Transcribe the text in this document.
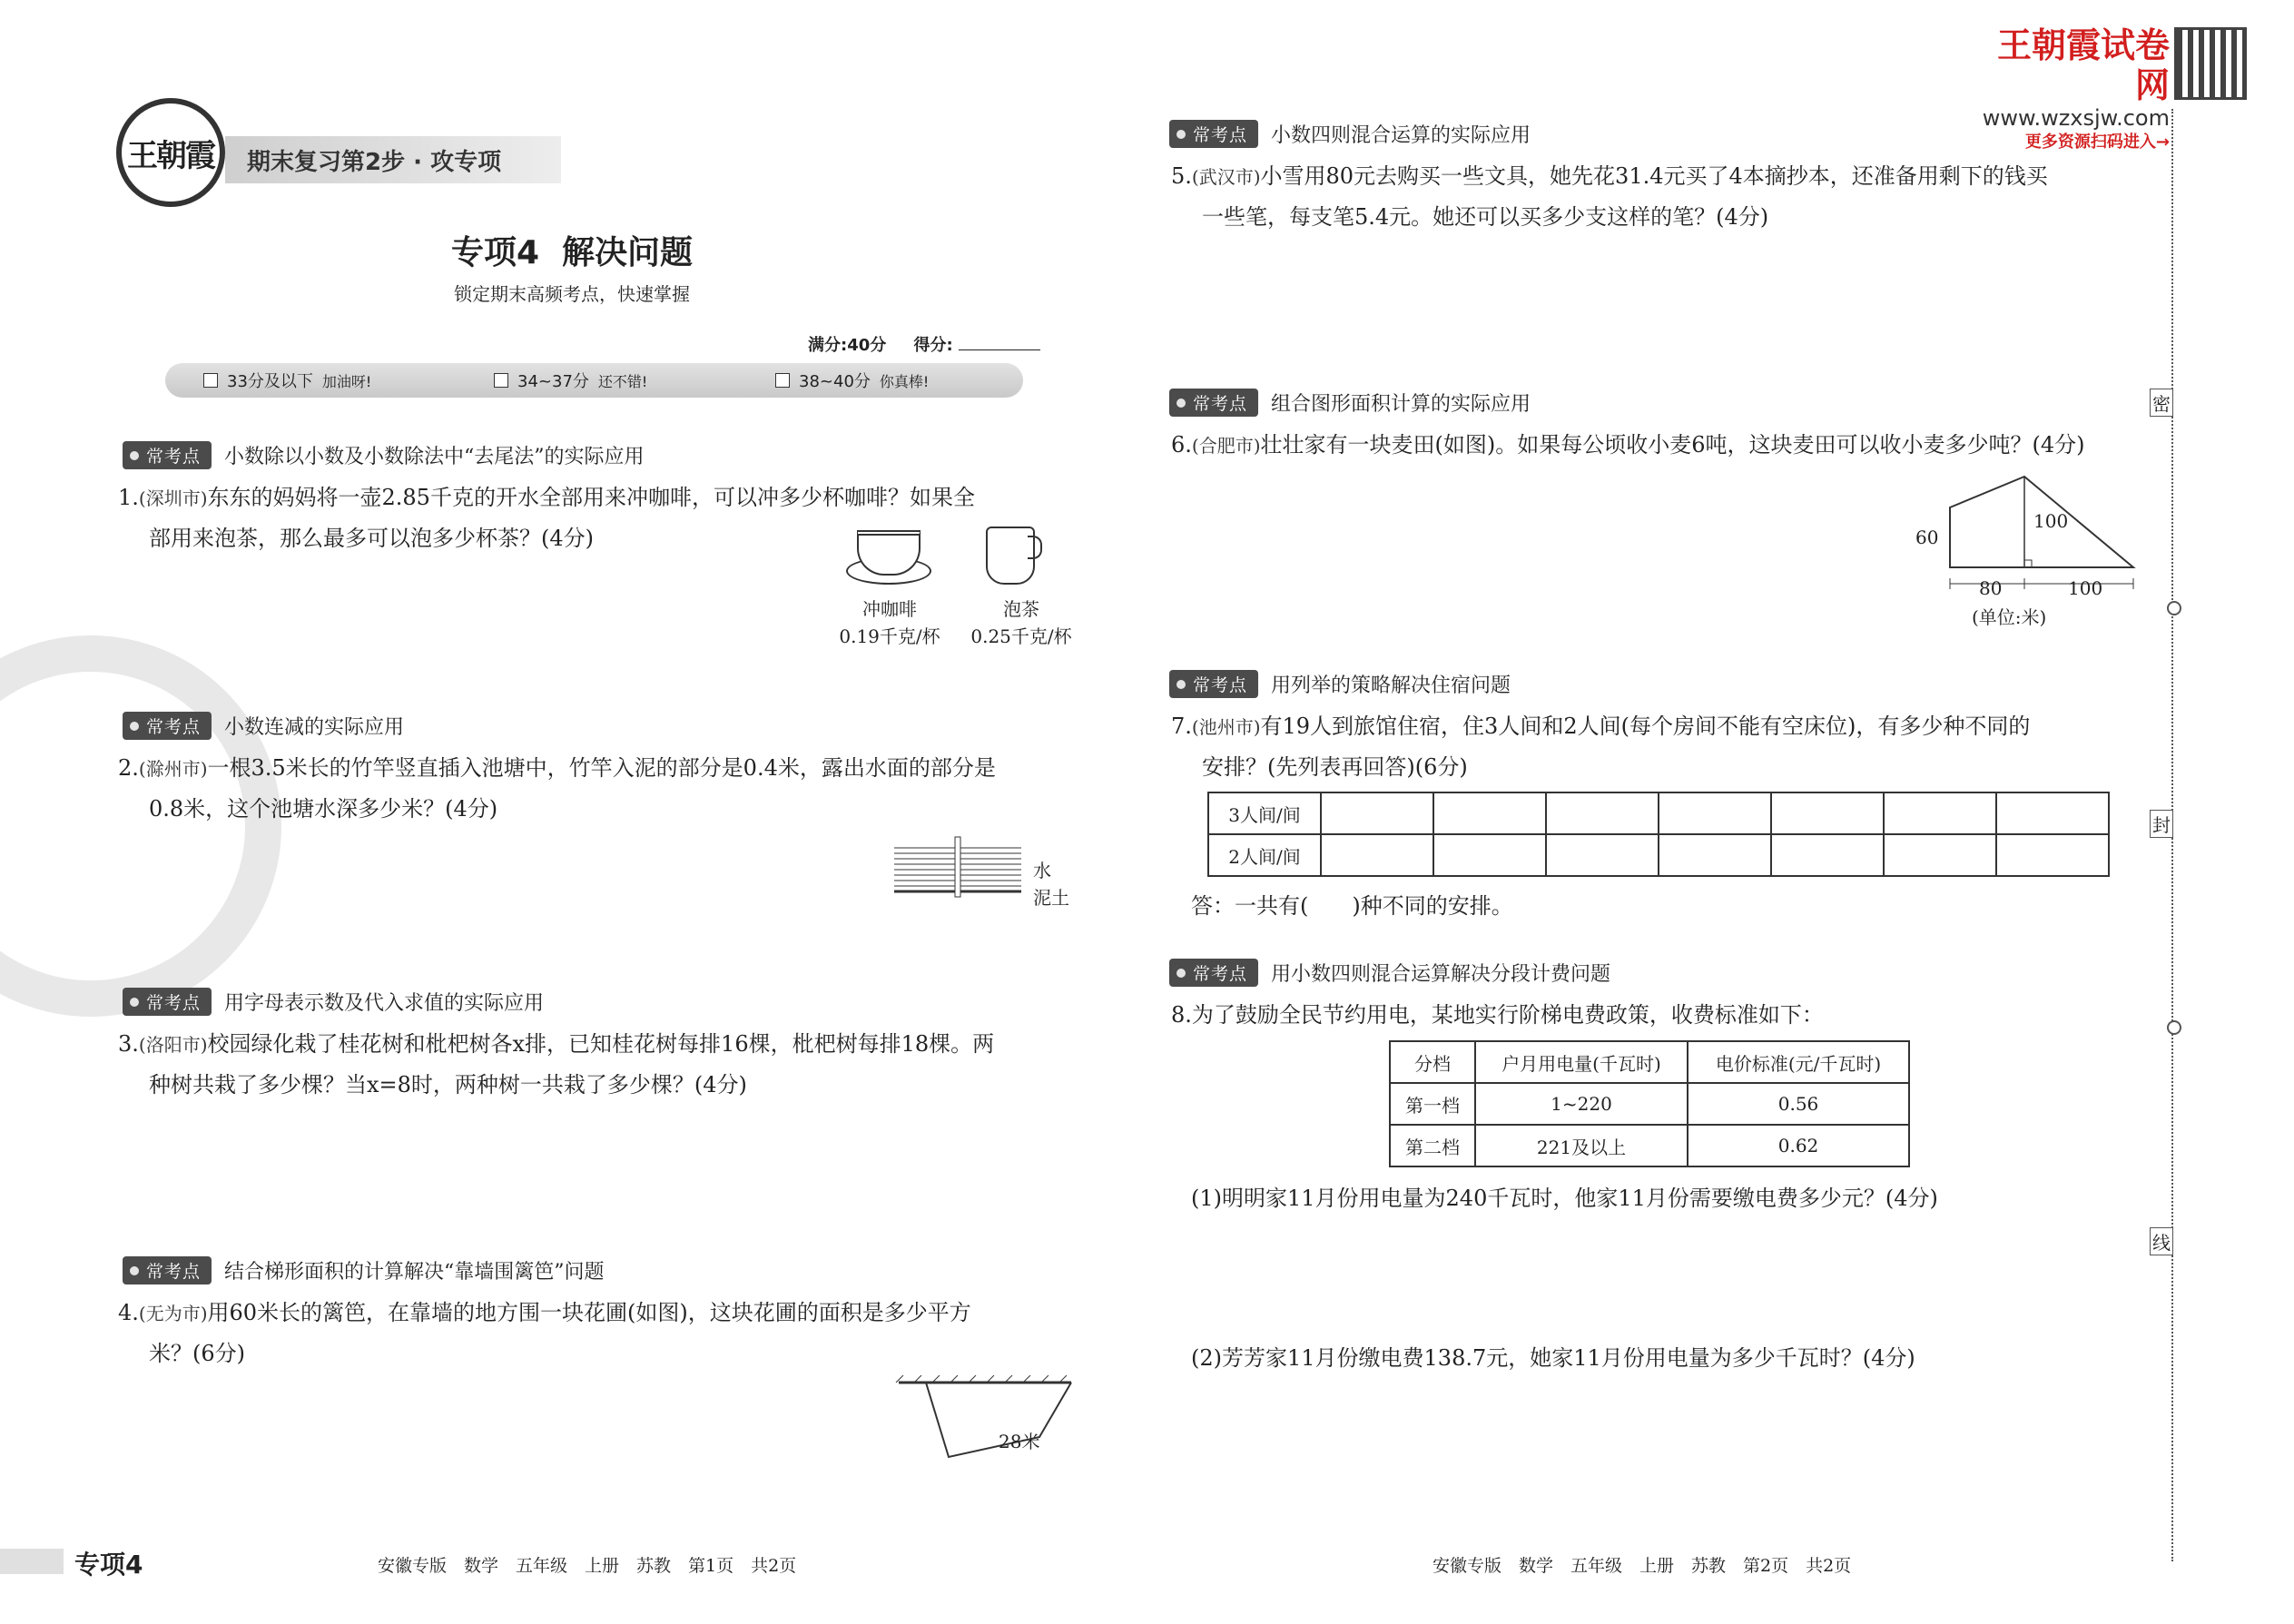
王朝霞试卷网
www.wzxsjw.com
更多资源扫码进入→
王朝霞 期末复习第2步 · 攻专项
专项4  解决问题
锁定期末高频考点，快速掌握
满分:40分 得分:
33分及以下 加油呀!	34~37分 还不错!	38~40分 你真棒!
常考点	小数除以小数及小数除法中“去尾法”的实际应用
1.(深圳市)东东的妈妈将一壶2.85千克的开水全部用来冲咖啡，可以冲多少杯咖啡？如果全
部用来泡茶，那么最多可以泡多少杯茶？(4分)
冲咖啡
0.19千克/杯
泡茶
0.25千克/杯
常考点	小数连减的实际应用
2.(滁州市)一根3.5米长的竹竿竖直插入池塘中，竹竿入泥的部分是0.4米，露出水面的部分是
0.8米，这个池塘水深多少米？(4分)
水
泥土
常考点	用字母表示数及代入求值的实际应用
3.(洛阳市)校园绿化栽了桂花树和枇杷树各x排，已知桂花树每排16棵，枇杷树每排18棵。两
种树共栽了多少棵？当x=8时，两种树一共栽了多少棵？(4分)
常考点	结合梯形面积的计算解决“靠墙围篱笆”问题
4.(无为市)用60米长的篱笆，在靠墙的地方围一块花圃(如图)，这块花圃的面积是多少平方
米？(6分)
28米
常考点	小数四则混合运算的实际应用
5.(武汉市)小雪用80元去购买一些文具，她先花31.4元买了4本摘抄本，还准备用剩下的钱买
一些笔，每支笔5.4元。她还可以买多少支这样的笔？(4分)
常考点	组合图形面积计算的实际应用
6.(合肥市)壮壮家有一块麦田(如图)。如果每公顷收小麦6吨，这块麦田可以收小麦多少吨？(4分)
60
100
80	100
(单位:米)
常考点	用列举的策略解决住宿问题
7.(池州市)有19人到旅馆住宿，住3人间和2人间(每个房间不能有空床位)，有多少种不同的
安排？(先列表再回答)(6分)
3人间/间							
2人间/间							
答：一共有(　　)种不同的安排。
常考点	用小数四则混合运算解决分段计费问题
8.为了鼓励全民节约用电，某地实行阶梯电费政策，收费标准如下：
分档	户月用电量(千瓦时)	电价标准(元/千瓦时)
第一档	1~220	0.56
第二档	221及以上	0.62
(1)明明家11月份用电量为240千瓦时，他家11月份需要缴电费多少元？(4分)
(2)芳芳家11月份缴电费138.7元，她家11月份用电量为多少千瓦时？(4分)
密
封
线
专项4	安徽专版　数学　五年级　上册　苏教　第1页　共2页	安徽专版　数学　五年级　上册　苏教　第2页　共2页
